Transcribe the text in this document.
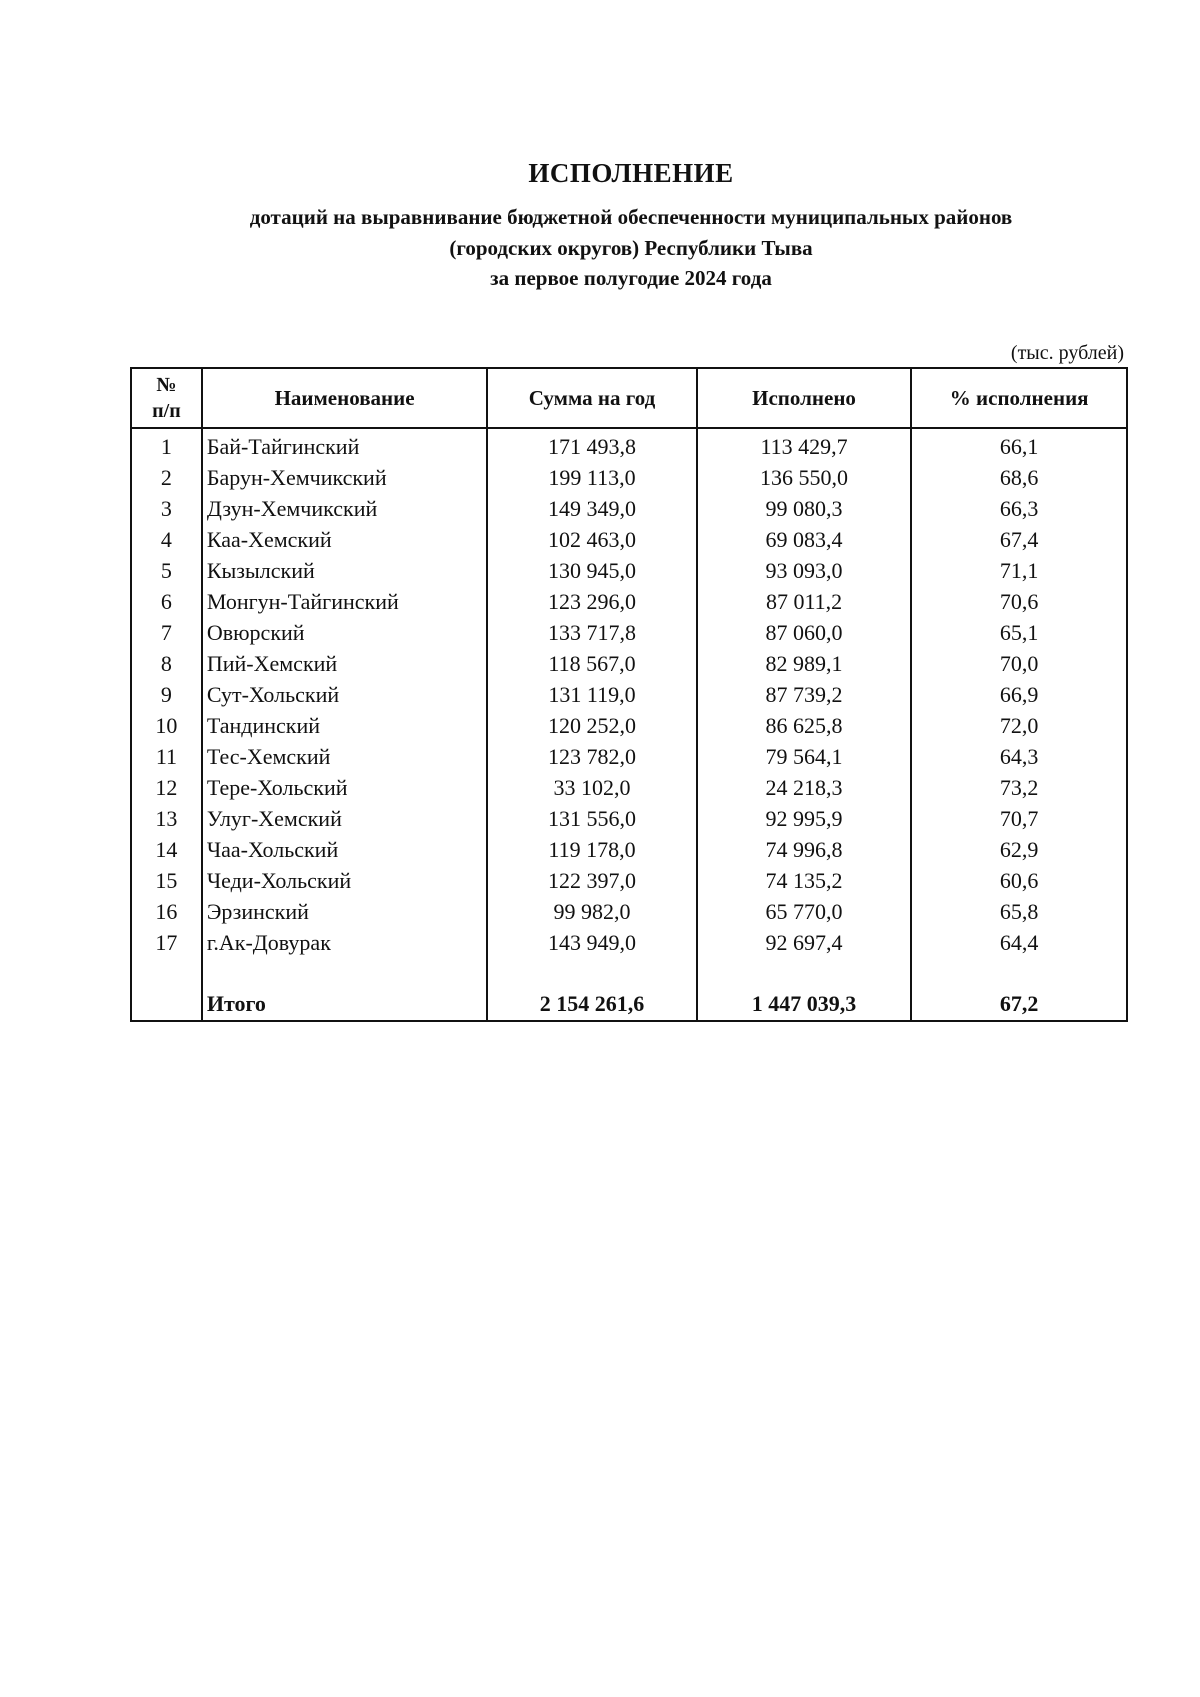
ИСПОЛНЕНИЕ
дотаций на выравнивание бюджетной обеспеченности муниципальных районов
(городских округов) Республики Тыва
за первое полугодие 2024 года
(тыс. рублей)
№
п/п	Наименование	Сумма на год	Исполнено	% исполнения
1	Бай-Тайгинский	171 493,8	113 429,7	66,1
2	Барун-Хемчикский	199 113,0	136 550,0	68,6
3	Дзун-Хемчикский	149 349,0	99 080,3	66,3
4	Каа-Хемский	102 463,0	69 083,4	67,4
5	Кызылский	130 945,0	93 093,0	71,1
6	Монгун-Тайгинский	123 296,0	87 011,2	70,6
7	Овюрский	133 717,8	87 060,0	65,1
8	Пий-Хемский	118 567,0	82 989,1	70,0
9	Сут-Хольский	131 119,0	87 739,2	66,9
10	Тандинский	120 252,0	86 625,8	72,0
11	Тес-Хемский	123 782,0	79 564,1	64,3
12	Тере-Хольский	33 102,0	24 218,3	73,2
13	Улуг-Хемский	131 556,0	92 995,9	70,7
14	Чаа-Хольский	119 178,0	74 996,8	62,9
15	Чеди-Хольский	122 397,0	74 135,2	60,6
16	Эрзинский	99 982,0	65 770,0	65,8
17	г.Ак-Довурак	143 949,0	92 697,4	64,4

	Итого	2 154 261,6	1 447 039,3	67,2
